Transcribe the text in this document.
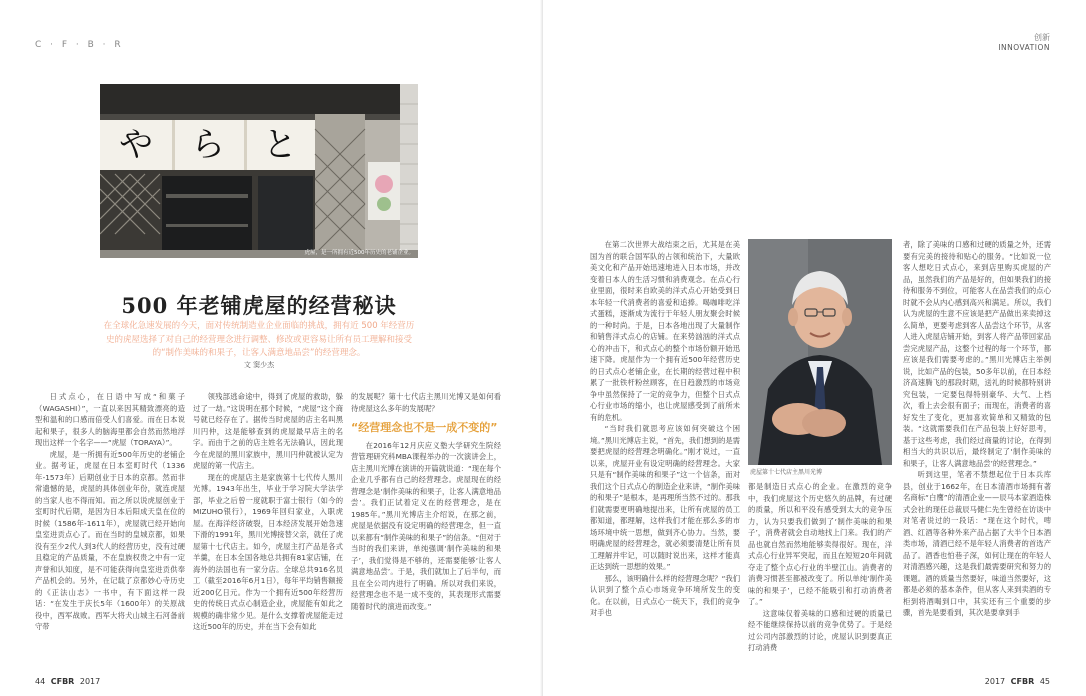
C · F · B · R
や ら と
虎屋，是一所拥有近500年历史的老铺企业。
500 年老铺虎屋的经营秘诀
在全球化急速发展的今天，面对传统制造业企业面临的挑战，拥有近 500 年经营历史的虎屋选择了对自己的经营理念进行调整、修改或更容易让所有员工理解和接受的“制作美味的和果子，让客人满意地品尝”的经营理念。
文 窦少杰

日式点心，在日语中写成“和菓子（WAGASHI）”，一直以来因其精致漂亮的造型和温和的口感而倍受人们喜爱。而在日本说起和果子，很多人的脑海里都会自然而然地浮现出这样一个名字——“虎屋（TORAYA）”。

虎屋，是一所拥有近500年历史的老铺企业。据考证，虎屋在日本室町时代（1336年-1573年）后期创业于日本的京都。然而非常遗憾的是，虎屋的具体创业年份，就连虎屋的当家人也不得而知。而之所以说虎屋创业于室町时代后期，是因为日本后阳成天皇在位的时候（1586年-1611年），虎屋就已经开始向皇室进贡点心了。而在当时的皇城京都，如果没有至少2代人到3代人的经营历史，没有过硬且稳定的产品质量，不在皇族权贵之中有一定声誉和认知度，是不可能获得向皇室进贡供奉产品机会的。另外，在记载了京都妙心寺历史的《正法山志》一书中，有下面这样一段话：“在发生于庆长5年（1600年）的关原战役中，西军战败。西军大将犬山城主石河备前守带

领残部逃命途中，得到了虎屋的救助，躲过了一劫。”这说明在那个时候，“虎屋”这个商号就已经存在了。据传当时虎屋的店主名叫黑川円仲，这是能够查到的虎屋最早店主的名字。而由于之前的店主姓名无法确认，因此现今在虎屋的黑川家族中，黑川円仲就被认定为虎屋的第一代店主。

现在的虎屋店主是家族第十七代传人黑川光博。1943年出生，毕业于学习院大学法学部，毕业之后曾一度就职于富士银行（如今的MIZUHO银行），1969年回归家业，入职虎屋。在海洋经济破裂，日本经济发展开始急速下滑的1991年，黑川光博接替父亲，就任了虎屋第十七代店主。如今，虎屋主打产品是各式羊羹，在日本全国各地总共拥有81家店铺，在海外的法国也有一家分店。全球总共916名员工（截至2016年6月1日），每年平均销售额接近200亿日元。作为一个拥有近500年经营历史的传统日式点心制造企业，虎屋能有如此之规模的确非常少见。是什么支撑着虎屋能走过这近500年的历史，并在当下会有如此

的发展呢？第十七代店主黑川光博又是如何看待虎屋这么多年的发展呢？

“经营理念也不是一成不变的”

在2016年12月庆应义塾大学研究生院经营管理研究科MBA课程举办的一次演讲会上，店主黑川光博在演讲的开篇就说道：“现在每个企业几乎都有自己的经营理念。虎屋现在的经营理念是‘制作美味的和果子，让客人满意地品尝’。我们正试着定义在的经营理念，是在1985年。”黑川光博店主介绍说，在那之前，虎屋是依据没有设定明确的经营理念，但一直以来都有“制作美味的和果子”的信条。“但对于当时的我们来讲，单纯强调‘制作美味的和果子’，我们觉得是不够的，还需要能够‘让客人满意地品尝’。于是，我们就加上了后半句，而且在全公司内进行了明确。所以对我们来说，经营理念也不是一成不变的，其表现形式需要随着时代的演进而改变。”

44 CFBR 2017
创新
INNOVATION
2017 CFBR 45

在第二次世界大战结束之后，尤其是在美国为首的联合国军队的占领和统治下，大量欧美文化和产品开始迅速地进入日本市场，并改变着日本人的生活习惯和消费观念。在点心行业里面，很时来自欧美的洋式点心开始受到日本年轻一代消费者的喜爱和追捧。喝咖啡吃洋式蛋糕，逐渐成为流行于年轻人朋友聚会时候的一种时尚。于是，日本各地出现了大量制作和销售洋式点心的店铺。在来势汹汹的洋式点心的冲击下，和式点心的整个市场份额开始迅速下降。虎屋作为一个拥有近500年经营历史的日式点心老铺企业，在长期的经营过程中积累了一批铁杆粉丝顾客，在日趋激烈的市场竞争中虽然保持了一定的竞争力，但整个日式点心行业市场的缩小，也让虎屋感受到了前所未有的危机。

“当时我们就思考应该如何突破这个困境。”黑川光博店主说，“首先，我们想到的是需要把虎屋的经营理念明确化。”刚才说过，一直以来，虎屋开业有设定明确的经营理念。大家只是有“制作美味的和果子”这一个信条，而对我们这个日式点心的制造企业来讲，“制作美味的和果子”是根本，是再理所当然不过的。那我们就需要更明确地提出来，让所有虎屋的员工都知道，都理解，这样我们才能在那么多的市场环境中统一思想，做到齐心协力。当然，要明确虎屋的经营理念，就必须要清楚让所有员工理解并牢记，可以随时说出来，这样才能真正达到统一思想的效果。”

那么，该明确什么样的经营理念呢？“我们认识到了整个点心市场竞争环境所发生的变化。在以前，日式点心一统天下，我们的竞争对手也

虎屋第十七代店主黑川光博

都是制造日式点心的企业。在激烈的竞争中，我们虎屋这个历史悠久的品牌，有过硬的质量，所以和平没有感受到太大的竞争压力，认为只要我们做到了‘制作美味的和果子’，消费者就会自动地找上门来。我们的产品也就自然而然地能够卖得很好。现在，洋式点心行业异军突起，而且在短短20年间就夺走了整个点心行业的半壁江山。消费者的消费习惯甚至都被改变了。所以单纯‘制作美味的和果子’，已经不能吸引和打动消费者了。”

这意味仅着美味的口感和过硬的质量已经不能继续保持以前的竞争优势了。于是经过公司内部激烈的讨论，虎屋认识到要真正打动消费

者，除了美味的口感和过硬的质量之外，还需要有完美的接待和贴心的服务。“比如说一位客人想吃日式点心，来到店里购买虎屋的产品，虽然我们的产品是好的，但如果我们的接待和服务不到位，可能客人在品尝我们的点心时就不会从内心感到高兴和满足。所以，我们认为虎屋的生意不应该是把产品做出来卖掉这么简单，更要考虑到客人品尝这个环节，从客人进入虎屋店铺开始，到客人将产品带回家品尝完虎屋产品，这整个过程的每一个环节，都应该是我们需要考虑的。”黑川光博店主举例说，比如产品的包装，50多年以前，在日本经济高速腾飞的那段时期，送礼的时候都特别讲究包装，一定要包得特别豪华、大气、上档次，看上去会很有面子；而现在，消费者的喜好发生了变化，更加喜欢简单和又精致的包装。“这就需要我们在产品包装上好好思考，基于这些考虑，我们经过商量的讨论，在得到相当大的共识以后，最终制定了‘制作美味的和果子，让客人满意地品尝’的经营理念。”

听到这里，笔者不禁想起位于日本兵库县，创业于1662年，在日本清酒市场拥有著名商标“白鹰”的清酒企业——辰马本家酒造株式会社的现任总裁辰马健仁先生曾经在访谈中对笔者说过的一段话：“现在这个时代，啤酒、红酒等各种外来产品占据了大半个日本酒类市场，清酒已经不是年轻人消费者的首选产品了。酒香也怕巷子深，如何让现在的年轻人对清酒感兴趣，这是我们最需要研究和努力的课题。酒的质量当然要好，味道当然要好，这都是必须的基本条件，但从客人来到卖酒的专柜到将酒喝到口中，其实还有三个重要的步骤，首先是要看到，其次是要拿到手
